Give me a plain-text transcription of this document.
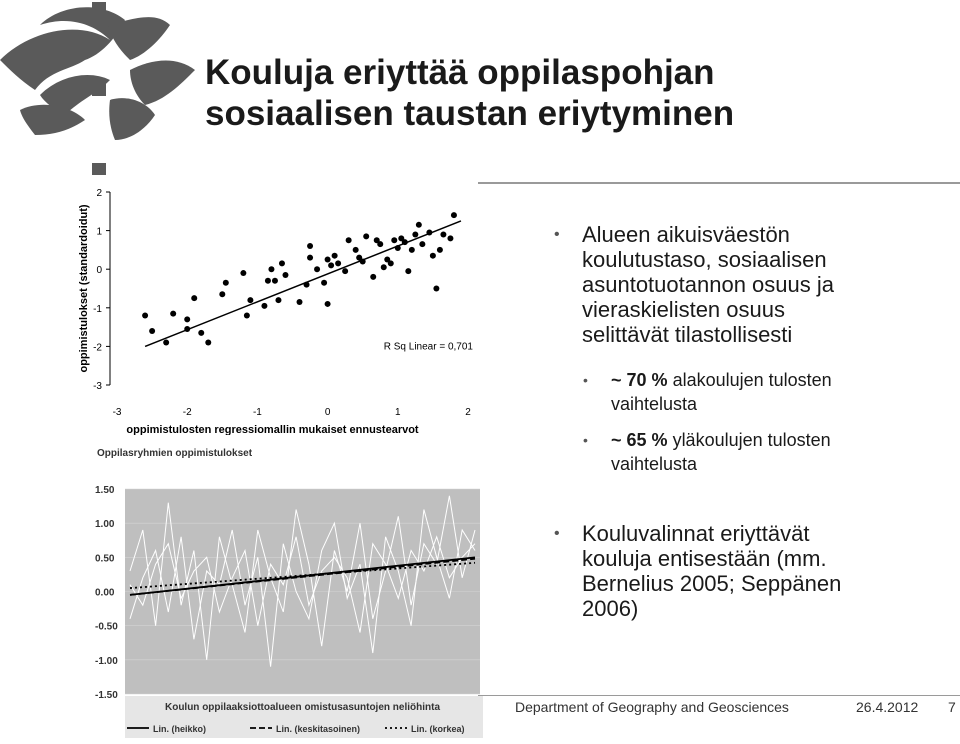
Kouluja eriyttää oppilaspohjan
sosiaalisen taustan eriytyminen
2
1
0
-1
-2
-3
-3	-2	-1	0	1	2
oppimistulokset (standardoidut)
oppimistulosten regressiomallin mukaiset ennustearvot
R Sq Linear = 0,701
Oppilasryhmien oppimistulokset
1.50
1.00
0.50
0.00
-0.50
-1.00
-1.50
Koulun oppilaaksiottoalueen omistusasuntojen neliöhinta
Lin. (heikko)	Lin. (keskitasoinen)	Lin. (korkea)
• Alueen aikuisväestön
koulutustaso, sosiaalisen
asuntotuotannon osuus ja
vieraskielisten osuus
selittävät tilastollisesti
• ~ 70 % alakoulujen tulosten
vaihtelusta
• ~ 65 % yläkoulujen tulosten
vaihtelusta
• Kouluvalinnat eriyttävät
kouluja entisestään (mm.
Bernelius 2005; Seppänen
2006)
Department of Geography and Geosciences	26.4.2012 7
